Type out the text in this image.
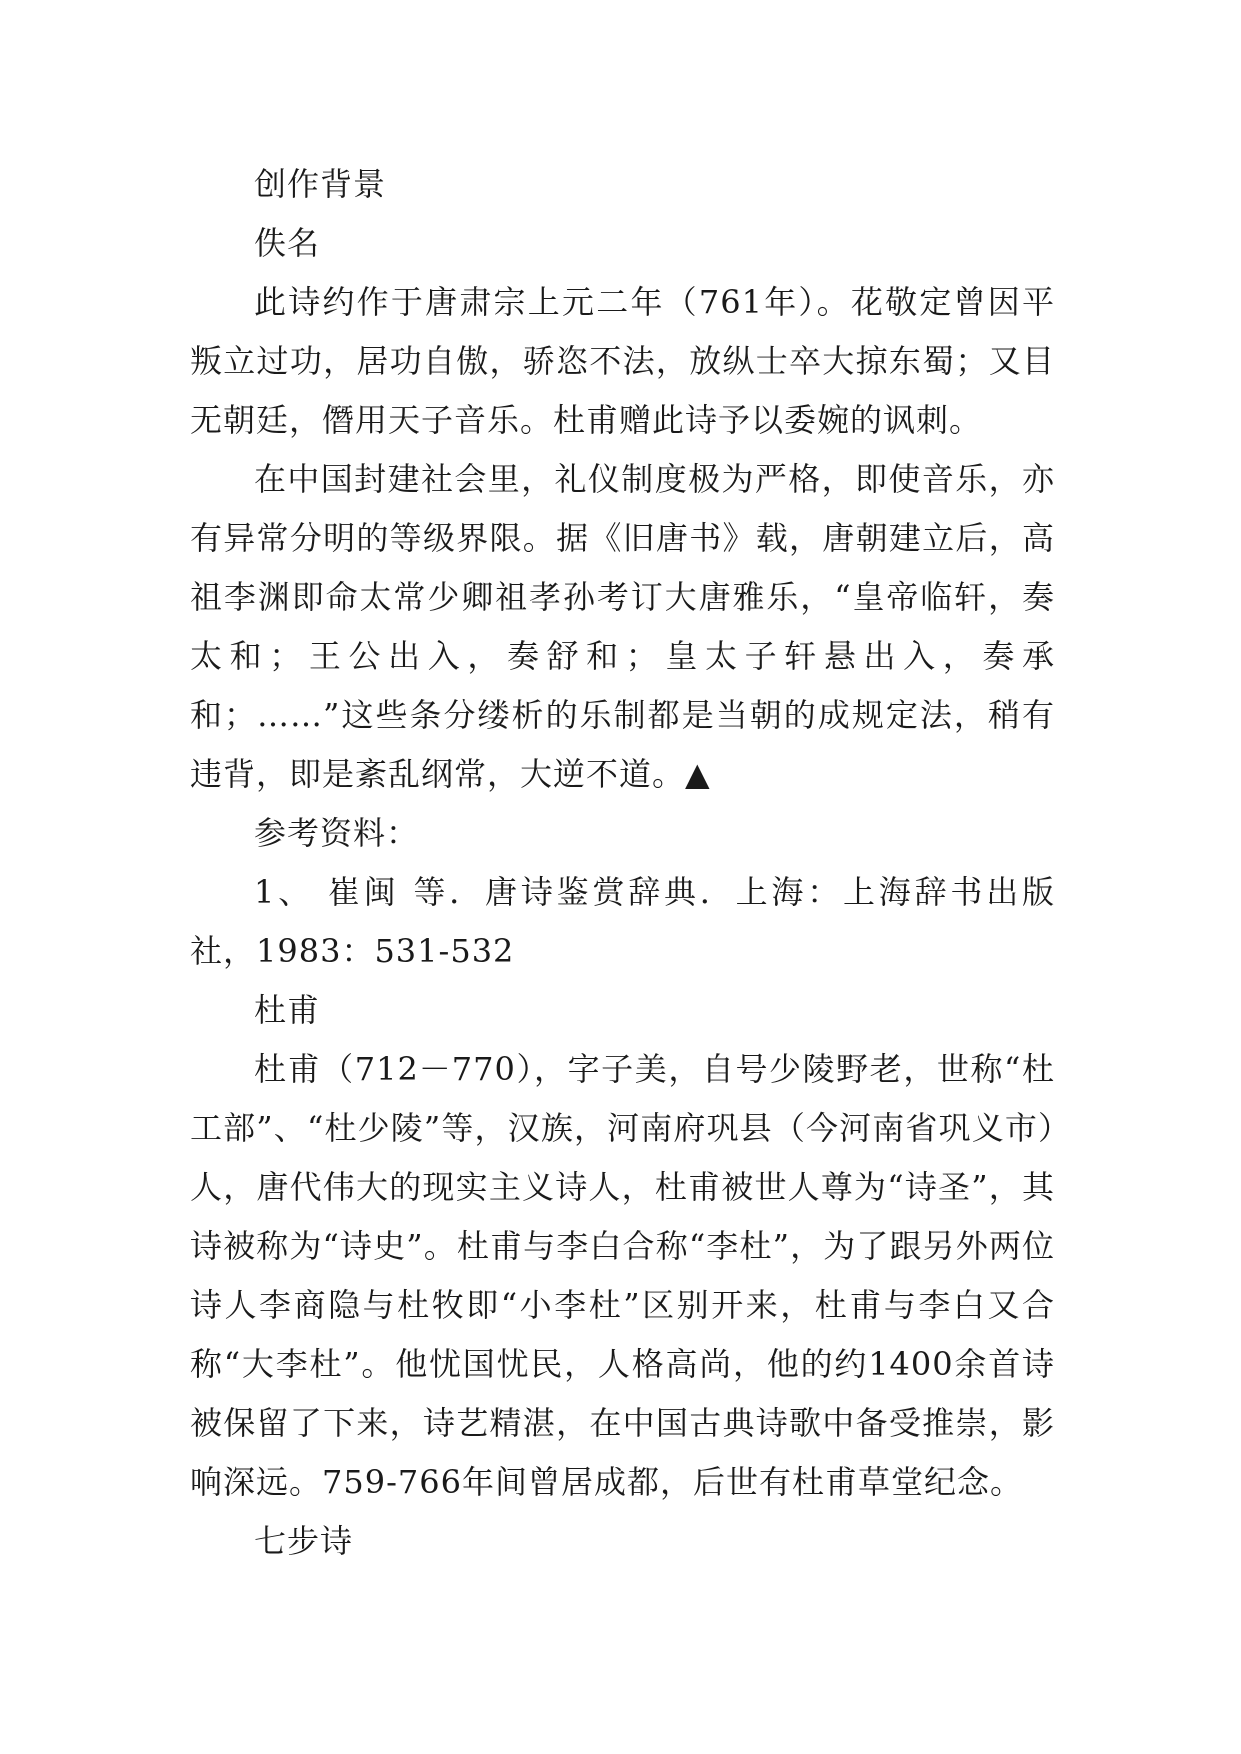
创作背景

佚名

此诗约作于唐肃宗上元二年（761年）。花敬定曾因平叛立过功，居功自傲，骄恣不法，放纵士卒大掠东蜀；又目无朝廷，僭用天子音乐。杜甫赠此诗予以委婉的讽刺。

在中国封建社会里，礼仪制度极为严格，即使音乐，亦有异常分明的等级界限。据《旧唐书》载，唐朝建立后，高祖李渊即命太常少卿祖孝孙考订大唐雅乐，“皇帝临轩，奏太和；王公出入，奏舒和；皇太子轩悬出入，奏承和；……”这些条分缕析的乐制都是当朝的成规定法，稍有违背，即是紊乱纲常，大逆不道。▲

参考资料：

1、 崔闽 等．唐诗鉴赏辞典．上海：上海辞书出版社，1983：531-532

杜甫

杜甫（712－770），字子美，自号少陵野老，世称“杜工部”、“杜少陵”等，汉族，河南府巩县（今河南省巩义市）人，唐代伟大的现实主义诗人，杜甫被世人尊为“诗圣”，其诗被称为“诗史”。杜甫与李白合称“李杜”，为了跟另外两位诗人李商隐与杜牧即“小李杜”区别开来，杜甫与李白又合称“大李杜”。他忧国忧民，人格高尚，他的约1400余首诗被保留了下来，诗艺精湛，在中国古典诗歌中备受推崇，影响深远。759-766年间曾居成都，后世有杜甫草堂纪念。

七步诗
